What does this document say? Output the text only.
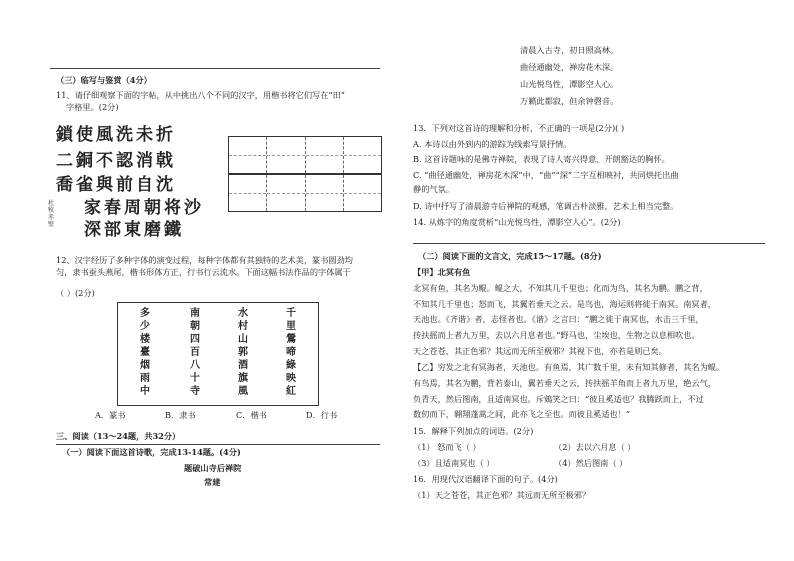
（三）临写与鉴赏（4分）
11、请仔细观察下面的字帖，从中挑出八个不同的汉字，用楷书将它们写在“田”
字格里。(2分)
鎖使風洗未折
二銅不認消戟
喬雀與前自沈
家春周朝将沙
深部東磨鐵
杜牧 赤壁
12、汉字经历了多种字体的演变过程，每种字体都有其独特的艺术美，篆书圆劲均
匀，隶书蚕头燕尾，楷书形体方正，行书行云流水。下面这幅书法作品的字体属于
（ ）(2分)
多少楼臺烟雨中
南朝四百八十寺
水村山郭酒旗風
千里鶯啼綠映紅
A．篆书	B．隶书	C．楷书	D．行书
三、阅读（13～24题，共32分）
（一）阅读下面这首诗歌，完成13-14题。(4分)
题破山寺后禅院
常建
清晨入古寺，初日照高林。
曲径通幽处，禅房花木深。
山光悦鸟性，潭影空人心。
万籁此都寂，但余钟磬音。
13．下列对这首诗的理解和分析，不正确的一项是(2分)( )
A. 本诗以由外到内的游踪为线索写景抒情。
B. 这首诗题咏的是佛寺禅院，表现了诗人寄兴得意、开朗豁达的胸怀。
C. “曲径通幽处，禅房花木深”中，“曲”“深”二字互相映衬，共同烘托出曲
静的气氛。
D. 诗中抒写了清晨游寺后禅院的观感，笔调古朴淡雅，艺术上相当完整。
14. 从炼字的角度赏析“山光悦鸟性，潭影空人心”。(2分)
（二）阅读下面的文言文，完成15～17题。(8分)
【甲】北冥有鱼
北冥有鱼，其名为鲲。鲲之大，不知其几千里也；化而为鸟，其名为鹏。鹏之背，
不知其几千里也；怒而飞，其翼若垂天之云。是鸟也，海运则将徙于南冥。南冥者，
天池也。《齐谐》者，志怪者也。《谐》之言曰：“鹏之徙于南冥也，水击三千里，
抟扶摇而上者九万里，去以六月息者也。”野马也，尘埃也，生物之以息相吹也。
天之苍苍，其正色邪？其远而无所至极邪？其视下也，亦若是则已矣。
【乙】穷发之北有冥海者，天池也。有鱼焉，其广数千里，未有知其修者，其名为鲲。
有鸟焉，其名为鹏，背若泰山，翼若垂天之云，抟扶摇羊角而上者九万里，绝云气，
负青天，然后图南，且适南冥也。斥鴳笑之曰：“彼且奚适也？我腾跃而上，不过
数仞而下，翱翔蓬蒿之间，此亦飞之至也。而彼且奚适也！”
15．解释下列加点的词语。(2分)
（1） 怒而飞（ ）	（2）去以六月息（ ）
（3）且适南冥也（ ）	（4）然后图南（ ）
16．用现代汉语翻译下面的句子。(4分)
（1）天之苍苍，其正色邪？其远而无所至极邪？
